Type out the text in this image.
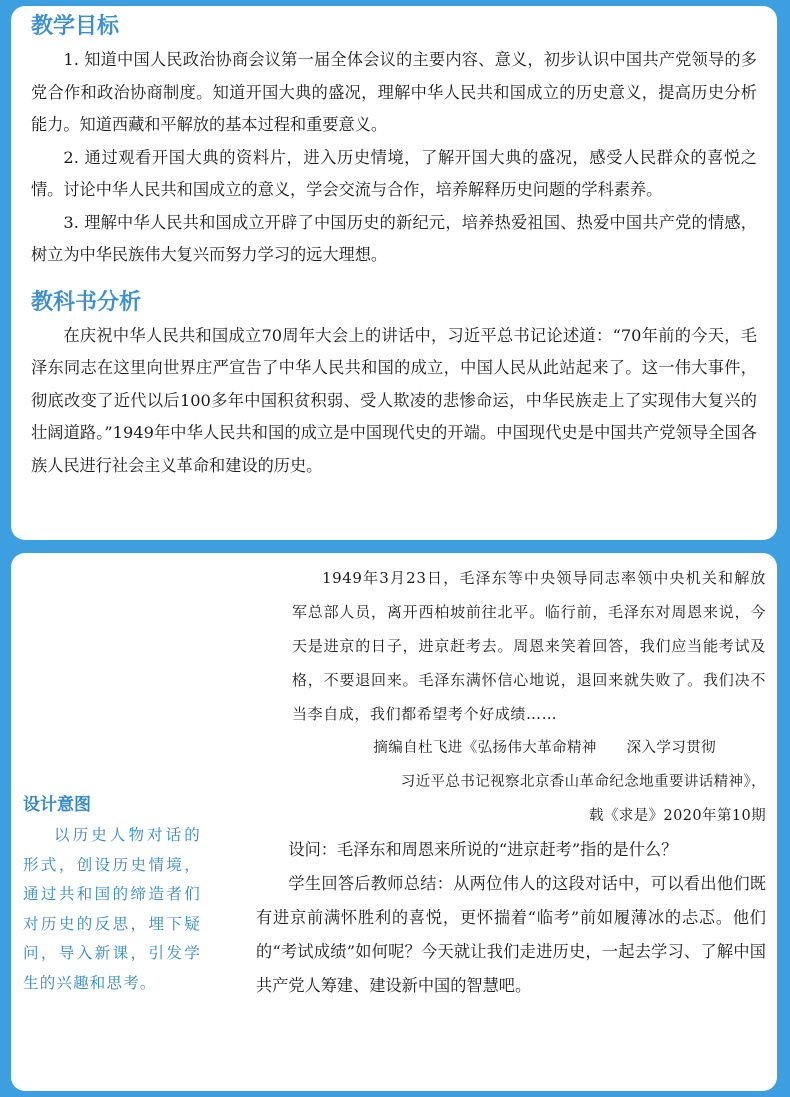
教学目标

1. 知道中国人民政治协商会议第一届全体会议的主要内容、意义，初步认识中国共产党领导的多党合作和政治协商制度。知道开国大典的盛况，理解中华人民共和国成立的历史意义，提高历史分析能力。知道西藏和平解放的基本过程和重要意义。

2. 通过观看开国大典的资料片，进入历史情境，了解开国大典的盛况，感受人民群众的喜悦之情。讨论中华人民共和国成立的意义，学会交流与合作，培养解释历史问题的学科素养。

3. 理解中华人民共和国成立开辟了中国历史的新纪元，培养热爱祖国、热爱中国共产党的情感，树立为中华民族伟大复兴而努力学习的远大理想。

教科书分析

在庆祝中华人民共和国成立70周年大会上的讲话中，习近平总书记论述道：“70年前的今天，毛泽东同志在这里向世界庄严宣告了中华人民共和国的成立，中国人民从此站起来了。这一伟大事件，彻底改变了近代以后100多年中国积贫积弱、受人欺凌的悲惨命运，中华民族走上了实现伟大复兴的壮阔道路。”1949年中华人民共和国的成立是中国现代史的开端。中国现代史是中国共产党领导全国各族人民进行社会主义革命和建设的历史。

设计意图

以历史人物对话的形式，创设历史情境，通过共和国的缔造者们对历史的反思，埋下疑问，导入新课，引发学生的兴趣和思考。

1949年3月23日，毛泽东等中央领导同志率领中央机关和解放军总部人员，离开西柏坡前往北平。临行前，毛泽东对周恩来说，今天是进京的日子，进京赶考去。周恩来笑着回答，我们应当能考试及格，不要退回来。毛泽东满怀信心地说，退回来就失败了。我们决不当李自成，我们都希望考个好成绩……

摘编自杜飞进《弘扬伟大革命精神　　深入学习贯彻

习近平总书记视察北京香山革命纪念地重要讲话精神》，

载《求是》2020年第10期

设问：毛泽东和周恩来所说的“进京赶考”指的是什么？

学生回答后教师总结：从两位伟人的这段对话中，可以看出他们既有进京前满怀胜利的喜悦，更怀揣着“临考”前如履薄冰的忐忑。他们的“考试成绩”如何呢？今天就让我们走进历史，一起去学习、了解中国共产党人筹建、建设新中国的智慧吧。
